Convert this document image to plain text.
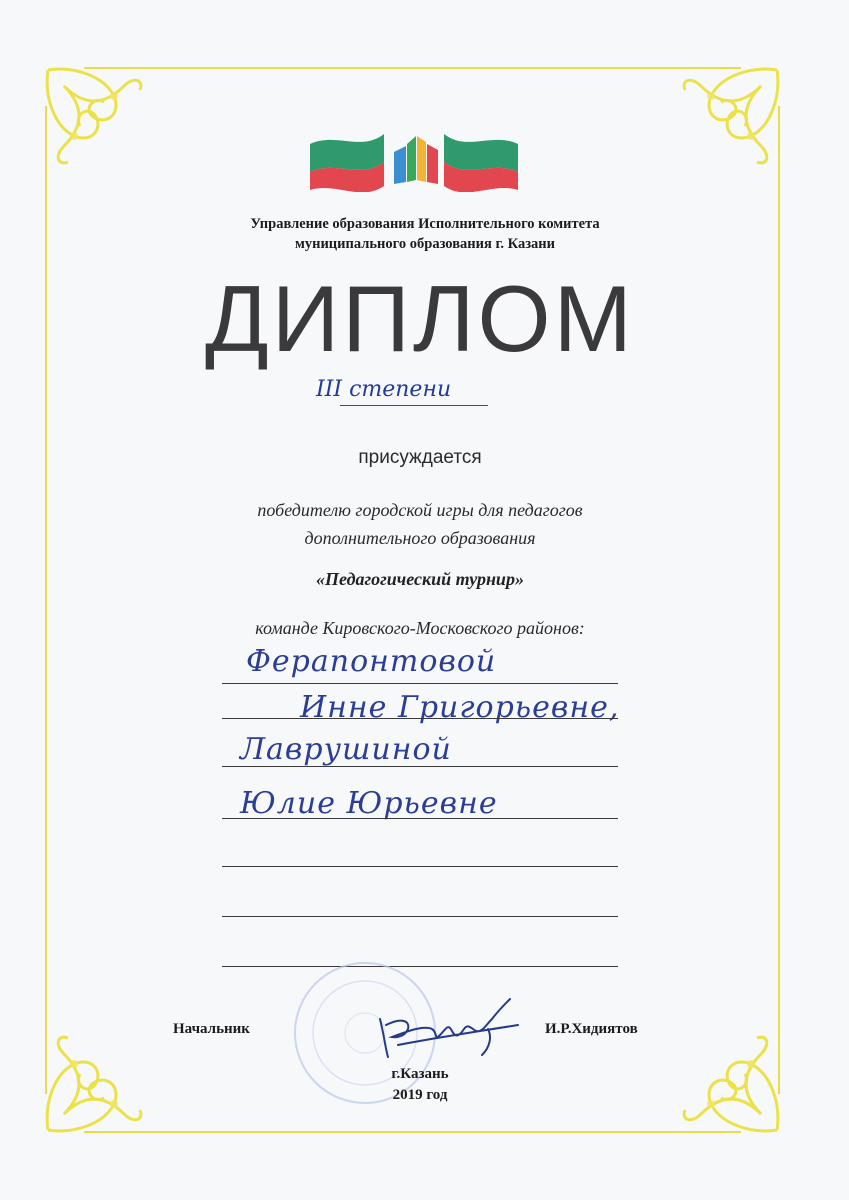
Управление образования Исполнительного комитета
муниципального образования г. Казани
ДИПЛОМ
III степени
присуждается
победителю городской игры для педагогов
дополнительного образования
«Педагогический турнир»
команде Кировского-Московского районов:
Ферапонтовой
Инне Григорьевне,
Лаврушиной
Юлие Юрьевне
Начальник	И.Р.Хидиятов
г.Казань
2019 год
